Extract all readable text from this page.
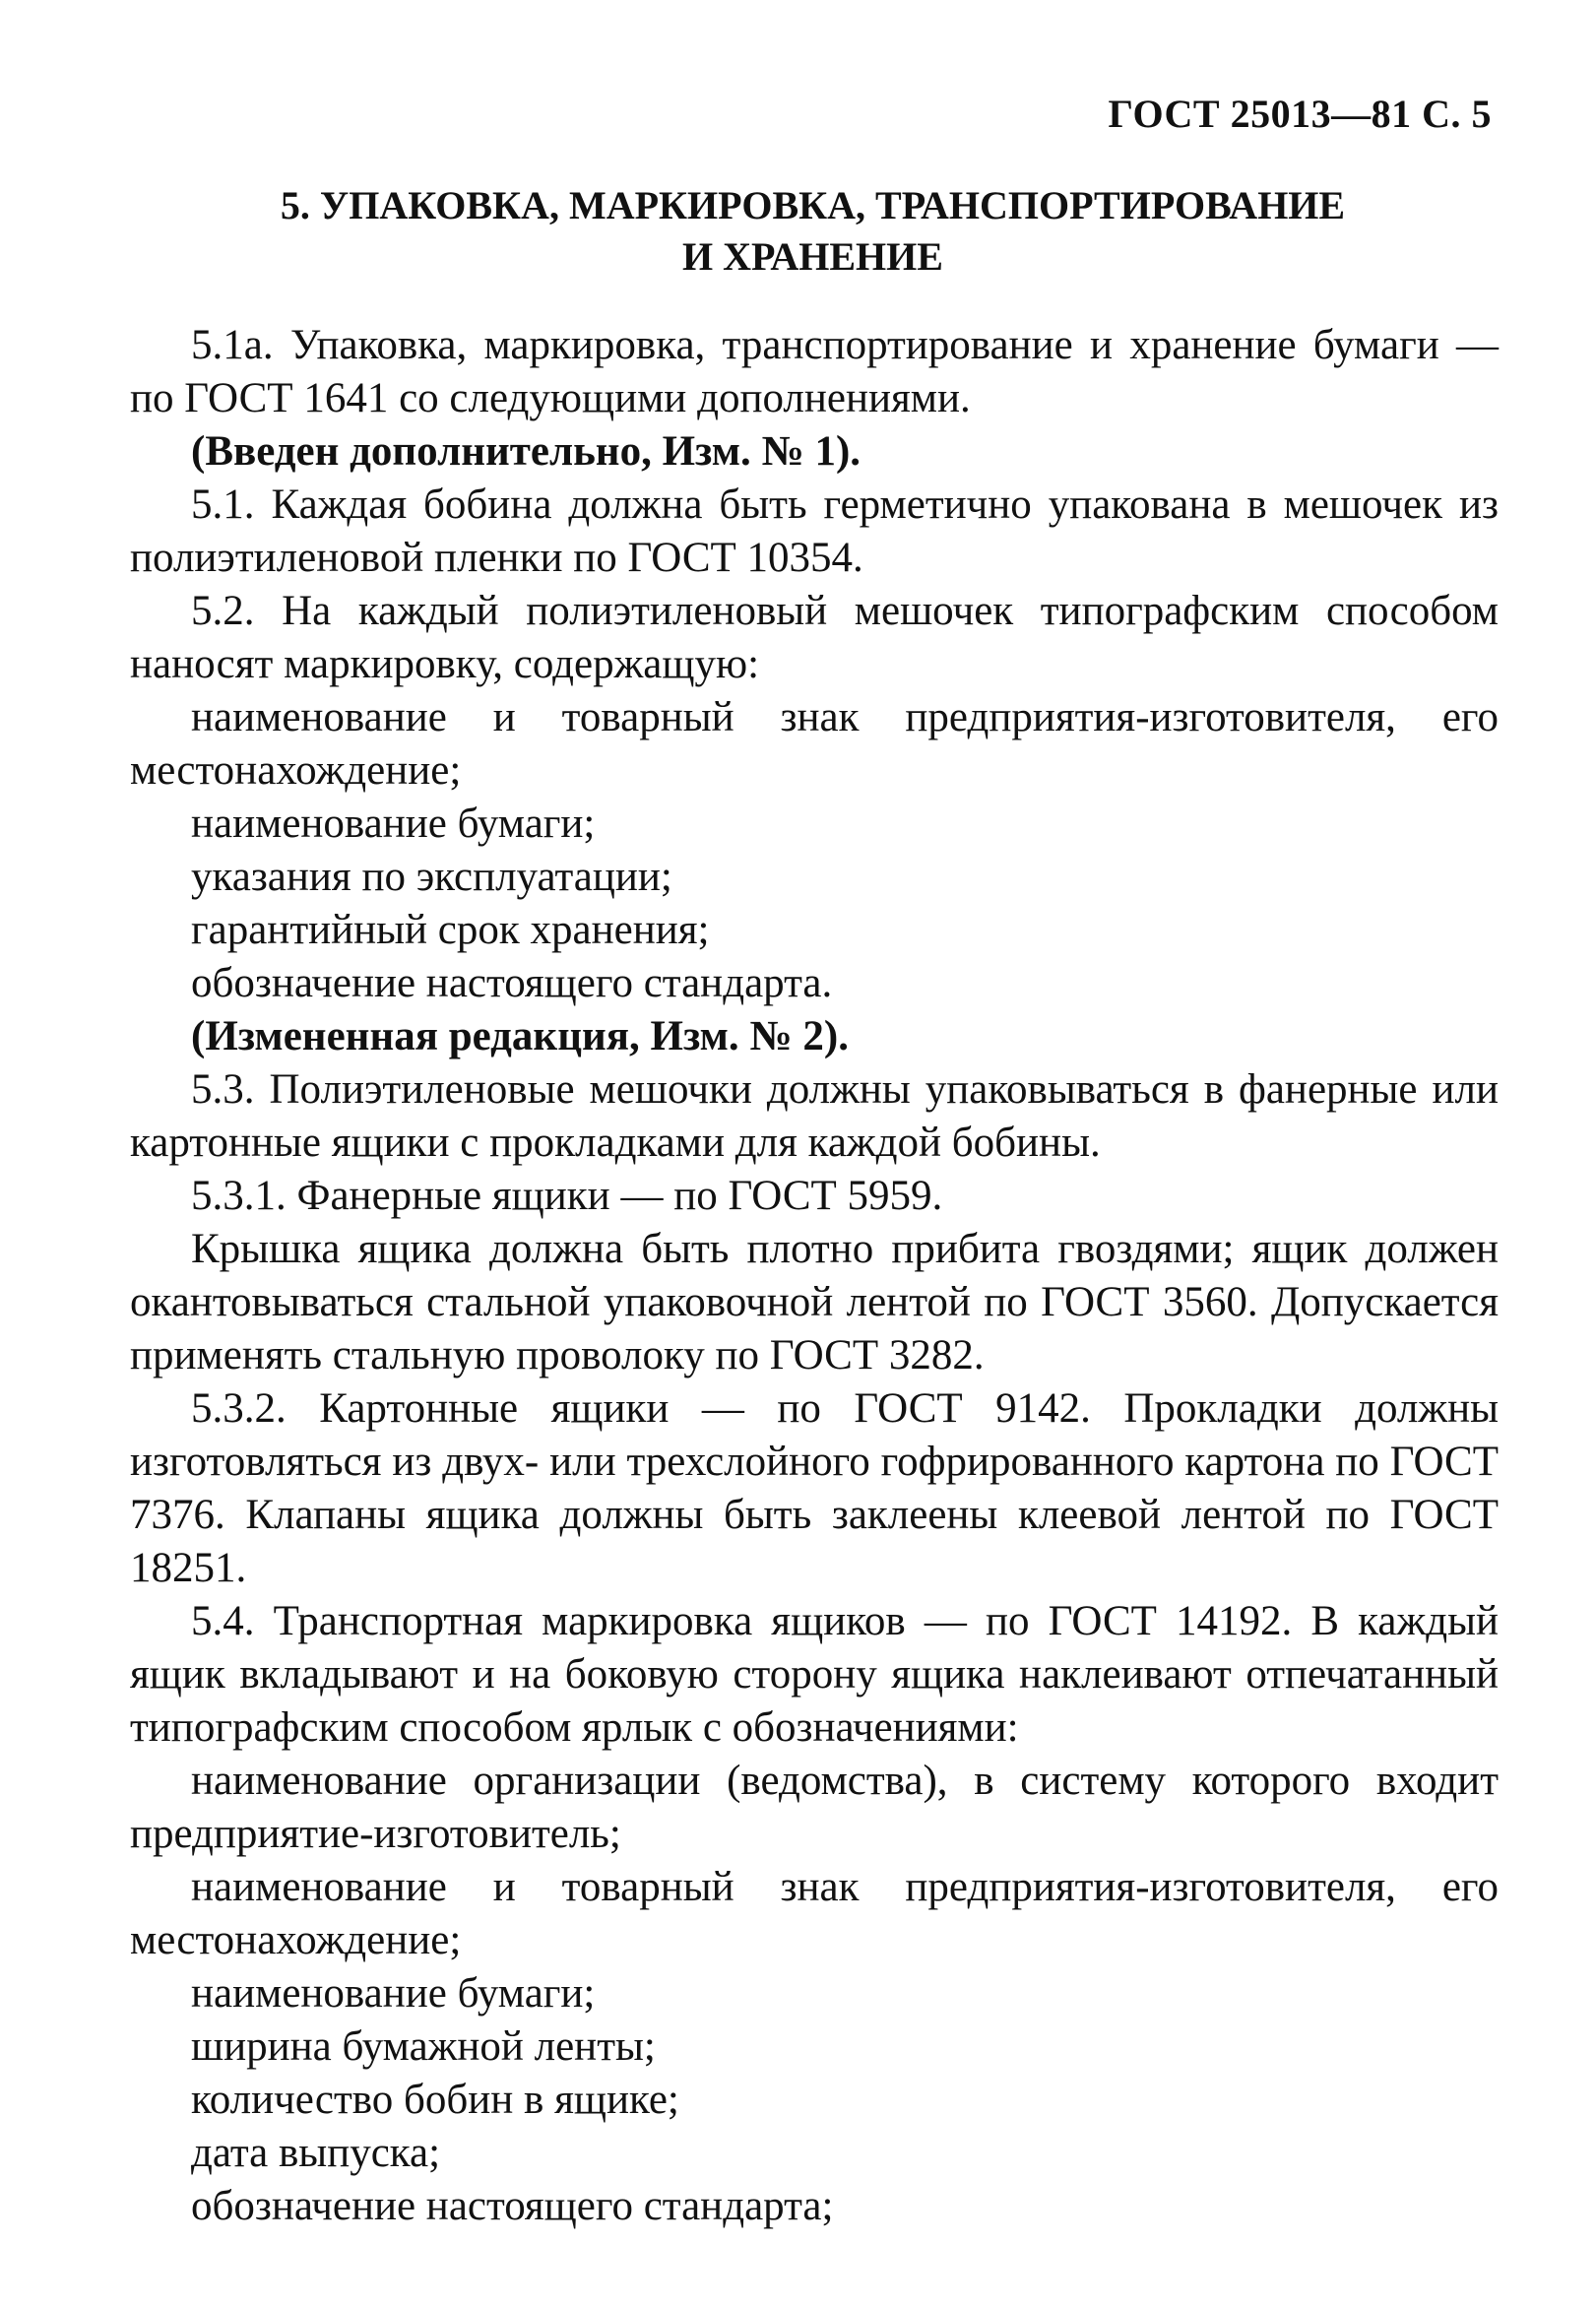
ГОСТ 25013—81 С. 5
5. УПАКОВКА, МАРКИРОВКА, ТРАНСПОРТИРОВАНИЕ
И ХРАНЕНИЕ

5.1а. Упаковка, маркировка, транспортирование и хранение бумаги — по ГОСТ 1641 со следующими дополнениями.

(Введен дополнительно, Изм. № 1).

5.1. Каждая бобина должна быть герметично упакована в мешочек из полиэтиленовой пленки по ГОСТ 10354.

5.2. На каждый полиэтиленовый мешочек типографским способом наносят маркировку, содержащую:

наименование и товарный знак предприятия-изготовителя, его местонахождение;

наименование бумаги;

указания по эксплуатации;

гарантийный срок хранения;

обозначение настоящего стандарта.

(Измененная редакция, Изм. № 2).

5.3. Полиэтиленовые мешочки должны упаковываться в фанерные или картонные ящики с прокладками для каждой бобины.

5.3.1. Фанерные ящики — по ГОСТ 5959.

Крышка ящика должна быть плотно прибита гвоздями; ящик должен окантовываться стальной упаковочной лентой по ГОСТ 3560. Допускается применять стальную проволоку по ГОСТ 3282.

5.3.2. Картонные ящики — по ГОСТ 9142. Прокладки должны изготовляться из двух- или трехслойного гофрированного картона по ГОСТ 7376. Клапаны ящика должны быть заклеены клеевой лентой по ГОСТ 18251.

5.4. Транспортная маркировка ящиков — по ГОСТ 14192. В каждый ящик вкладывают и на боковую сторону ящика наклеивают отпечатанный типографским способом ярлык с обозначениями:

наименование организации (ведомства), в систему которого входит предприятие-изготовитель;

наименование и товарный знак предприятия-изготовителя, его местонахождение;

наименование бумаги;

ширина бумажной ленты;

количество бобин в ящике;

дата выпуска;

обозначение настоящего стандарта;
